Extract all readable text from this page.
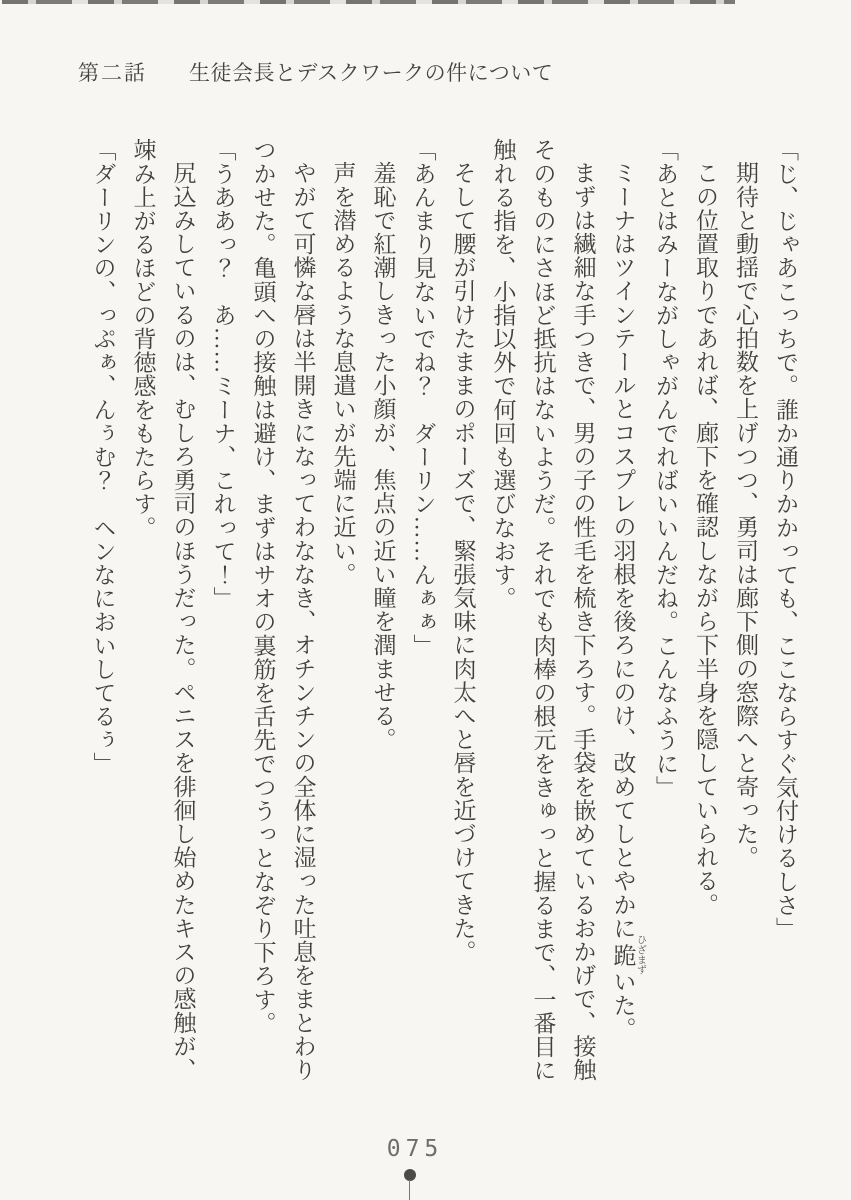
第二話 生徒会長とデスクワークの件について

「じ、じゃあこっちで。誰か通りかかっても、ここならすぐ気付けるしさ」

期待と動揺で心拍数を上げつつ、勇司は廊下側の窓際へと寄った。

この位置取りであれば、廊下を確認しながら下半身を隠していられる。

「あとはみーながしゃがんでればいいんだね。こんなふうに」

ミーナはツインテールとコスプレの羽根を後ろにのけ、改めてしとやかに跪 ひざまずいた。

まずは繊細な手つきで、男の子の性毛を梳き下ろす。手袋を嵌めているおかげで、接触そのものにさほど抵抗はないようだ。それでも肉棒の根元をきゅっと握るまで、一番目に触れる指を、小指以外で何回も選びなおす。

そして腰が引けたままのポーズで、緊張気味に肉太へと唇を近づけてきた。

「あんまり見ないでね？　ダーリン……んぁぁ」

羞恥で紅潮しきった小顔が、焦点の近い瞳を潤ませる。

声を潜めるような息遣いが先端に近い。

やがて可憐な唇は半開きになってわななき、オチンチンの全体に湿った吐息をまとわりつかせた。亀頭への接触は避け、まずはサオの裏筋を舌先でつうっとなぞり下ろす。

「うああっ？　あ……ミーナ、これって！」

尻込みしているのは、むしろ勇司のほうだった。ペニスを徘徊し始めたキスの感触が、竦み上がるほどの背徳感をもたらす。

「ダーリンの、っぷぁ、んぅむ？　ヘンなにおいしてるぅ」

075
